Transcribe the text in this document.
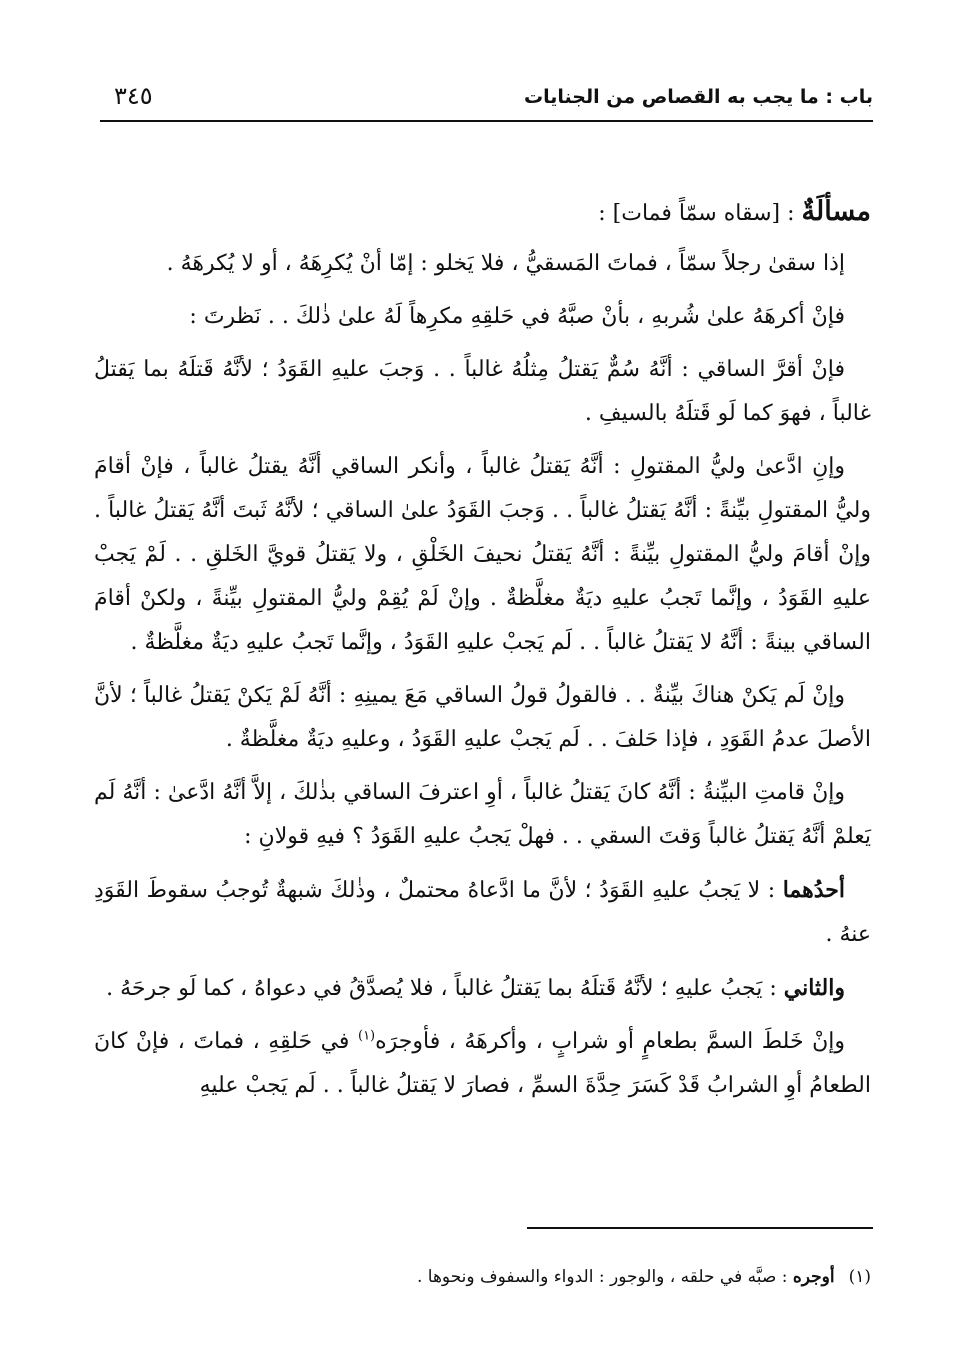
باب : ما يجب به القصاص من الجنايات
٣٤٥

مسألَةٌ : [سقاه سمّاً فمات] :

إذا سقىٰ رجلاً سمّاً ، فماتَ المَسقيُّ ، فلا يَخلو : إمّا أنْ يُكرِهَهُ ، أو لا يُكرهَهُ .

فإنْ أكرهَهُ علىٰ شُربهِ ، بأنْ صبَّهُ في حَلقِهِ مكرِهاً لَهُ علىٰ ذٰلكَ . . نَظرتَ :

فإنْ أقرَّ الساقي : أنَّهُ سُمٌّ يَقتلُ مِثلُهُ غالباً . . وَجبَ عليهِ القَوَدُ ؛ لأنَّهُ قَتلَهُ بما يَقتلُ غالباً ، فهوَ كما لَو قَتلَهُ بالسيفِ .

وإنِ ادَّعىٰ وليُّ المقتولِ : أنَّهُ يَقتلُ غالباً ، وأنكر الساقي أنَّهُ يقتلُ غالباً ، فإنْ أقامَ وليُّ المقتولِ بيِّنةً : أنَّهُ يَقتلُ غالباً . . وَجبَ القَوَدُ علىٰ الساقي ؛ لأنَّهُ ثَبتَ أنَّهُ يَقتلُ غالباً . وإنْ أقامَ وليُّ المقتولِ بيِّنةً : أنَّهُ يَقتلُ نحيفَ الخَلْقِ ، ولا يَقتلُ قويَّ الخَلقِ . . لَمْ يَجبْ عليهِ القَوَدُ ، وإنَّما تَجبُ عليهِ ديَةٌ مغلَّظةٌ . وإنْ لَمْ يُقِمْ وليُّ المقتولِ بيِّنةً ، ولكنْ أقامَ الساقي بينةً : أنَّهُ لا يَقتلُ غالباً . . لَم يَجبْ عليهِ القَوَدُ ، وإنَّما تَجبُ عليهِ ديَةٌ مغلَّظةٌ .

وإنْ لَم يَكنْ هناكَ بيِّنةٌ . . فالقولُ قولُ الساقي مَعَ يمينِهِ : أنَّهُ لَمْ يَكنْ يَقتلُ غالباً ؛ لأنَّ الأصلَ عدمُ القَوَدِ ، فإذا حَلفَ . . لَم يَجبْ عليهِ القَوَدُ ، وعليهِ ديَةٌ مغلَّظةٌ .

وإنْ قامتِ البيِّنةُ : أنَّهُ كانَ يَقتلُ غالباً ، أوِ اعترفَ الساقي بذٰلكَ ، إلاَّ أنَّهُ ادَّعىٰ : أنَّهُ لَم يَعلمْ أنَّهُ يَقتلُ غالباً وَقتَ السقي . . فهلْ يَجبُ عليهِ القَوَدُ ؟ فيهِ قولانِ :

أحدُهما : لا يَجبُ عليهِ القَوَدُ ؛ لأنَّ ما ادَّعاهُ محتملٌ ، وذٰلكَ شبهةٌ تُوجبُ سقوطَ القَوَدِ عنهُ .

والثاني : يَجبُ عليهِ ؛ لأنَّهُ قَتلَهُ بما يَقتلُ غالباً ، فلا يُصدَّقُ في دعواهُ ، كما لَو جرحَهُ .

وإنْ خَلطَ السمَّ بطعامٍ أو شرابٍ ، وأكرهَهُ ، فأوجرَه$^{(١)}$ في حَلقِهِ ، فماتَ ، فإنْ كانَ الطعامُ أوِ الشرابُ قَدْ كَسَرَ حِدَّةَ السمِّ ، فصارَ لا يَقتلُ غالباً . . لَم يَجبْ عليهِ

(١)أوجره : صبَّه في حلقه ، والوجور : الدواء والسفوف ونحوها .
